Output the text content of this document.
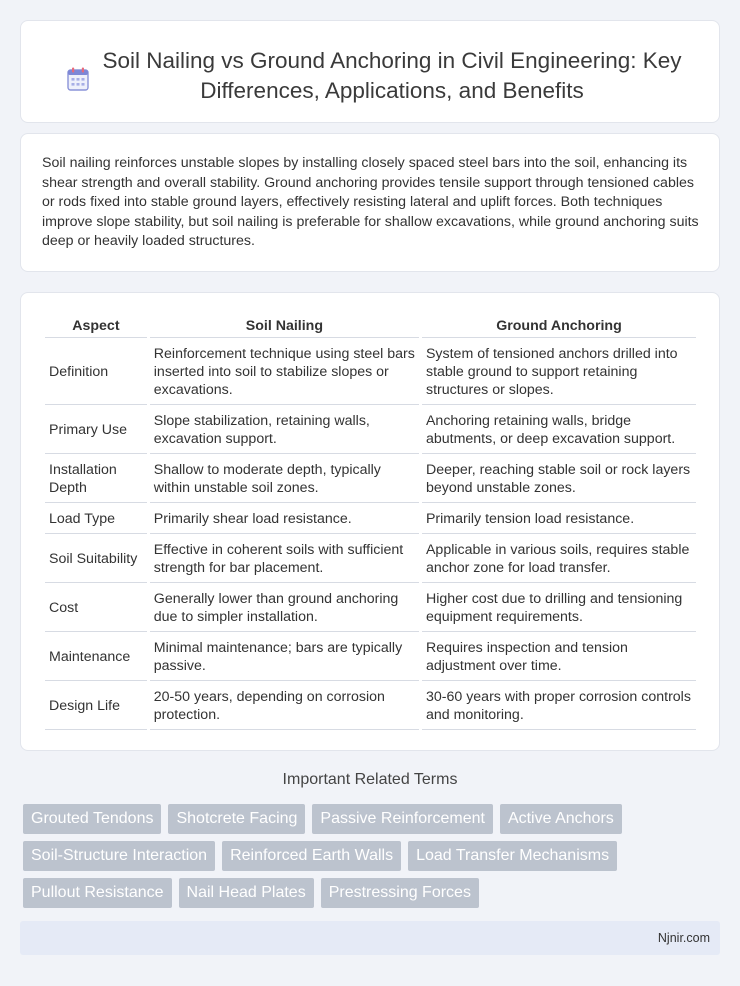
Soil Nailing vs Ground Anchoring in Civil Engineering: Key Differences, Applications, and Benefits

Soil nailing reinforces unstable slopes by installing closely spaced steel bars into the soil, enhancing its shear strength and overall stability. Ground anchoring provides tensile support through tensioned cables or rods fixed into stable ground layers, effectively resisting lateral and uplift forces. Both techniques improve slope stability, but soil nailing is preferable for shallow excavations, while ground anchoring suits deep or heavily loaded structures.

Aspect	Soil Nailing	Ground Anchoring
Definition	Reinforcement technique using steel bars inserted into soil to stabilize slopes or excavations.	System of tensioned anchors drilled into stable ground to support retaining structures or slopes.
Primary Use	Slope stabilization, retaining walls, excavation support.	Anchoring retaining walls, bridge abutments, or deep excavation support.
Installation Depth	Shallow to moderate depth, typically within unstable soil zones.	Deeper, reaching stable soil or rock layers beyond unstable zones.
Load Type	Primarily shear load resistance.	Primarily tension load resistance.
Soil Suitability	Effective in coherent soils with sufficient strength for bar placement.	Applicable in various soils, requires stable anchor zone for load transfer.
Cost	Generally lower than ground anchoring due to simpler installation.	Higher cost due to drilling and tensioning equipment requirements.
Maintenance	Minimal maintenance; bars are typically passive.	Requires inspection and tension adjustment over time.
Design Life	20-50 years, depending on corrosion protection.	30-60 years with proper corrosion controls and monitoring.
Important Related Terms
Grouted Tendons	Shotcrete Facing	Passive Reinforcement	Active Anchors
Soil-Structure Interaction	Reinforced Earth Walls	Load Transfer Mechanisms
Pullout Resistance	Nail Head Plates	Prestressing Forces
Njnir.com
